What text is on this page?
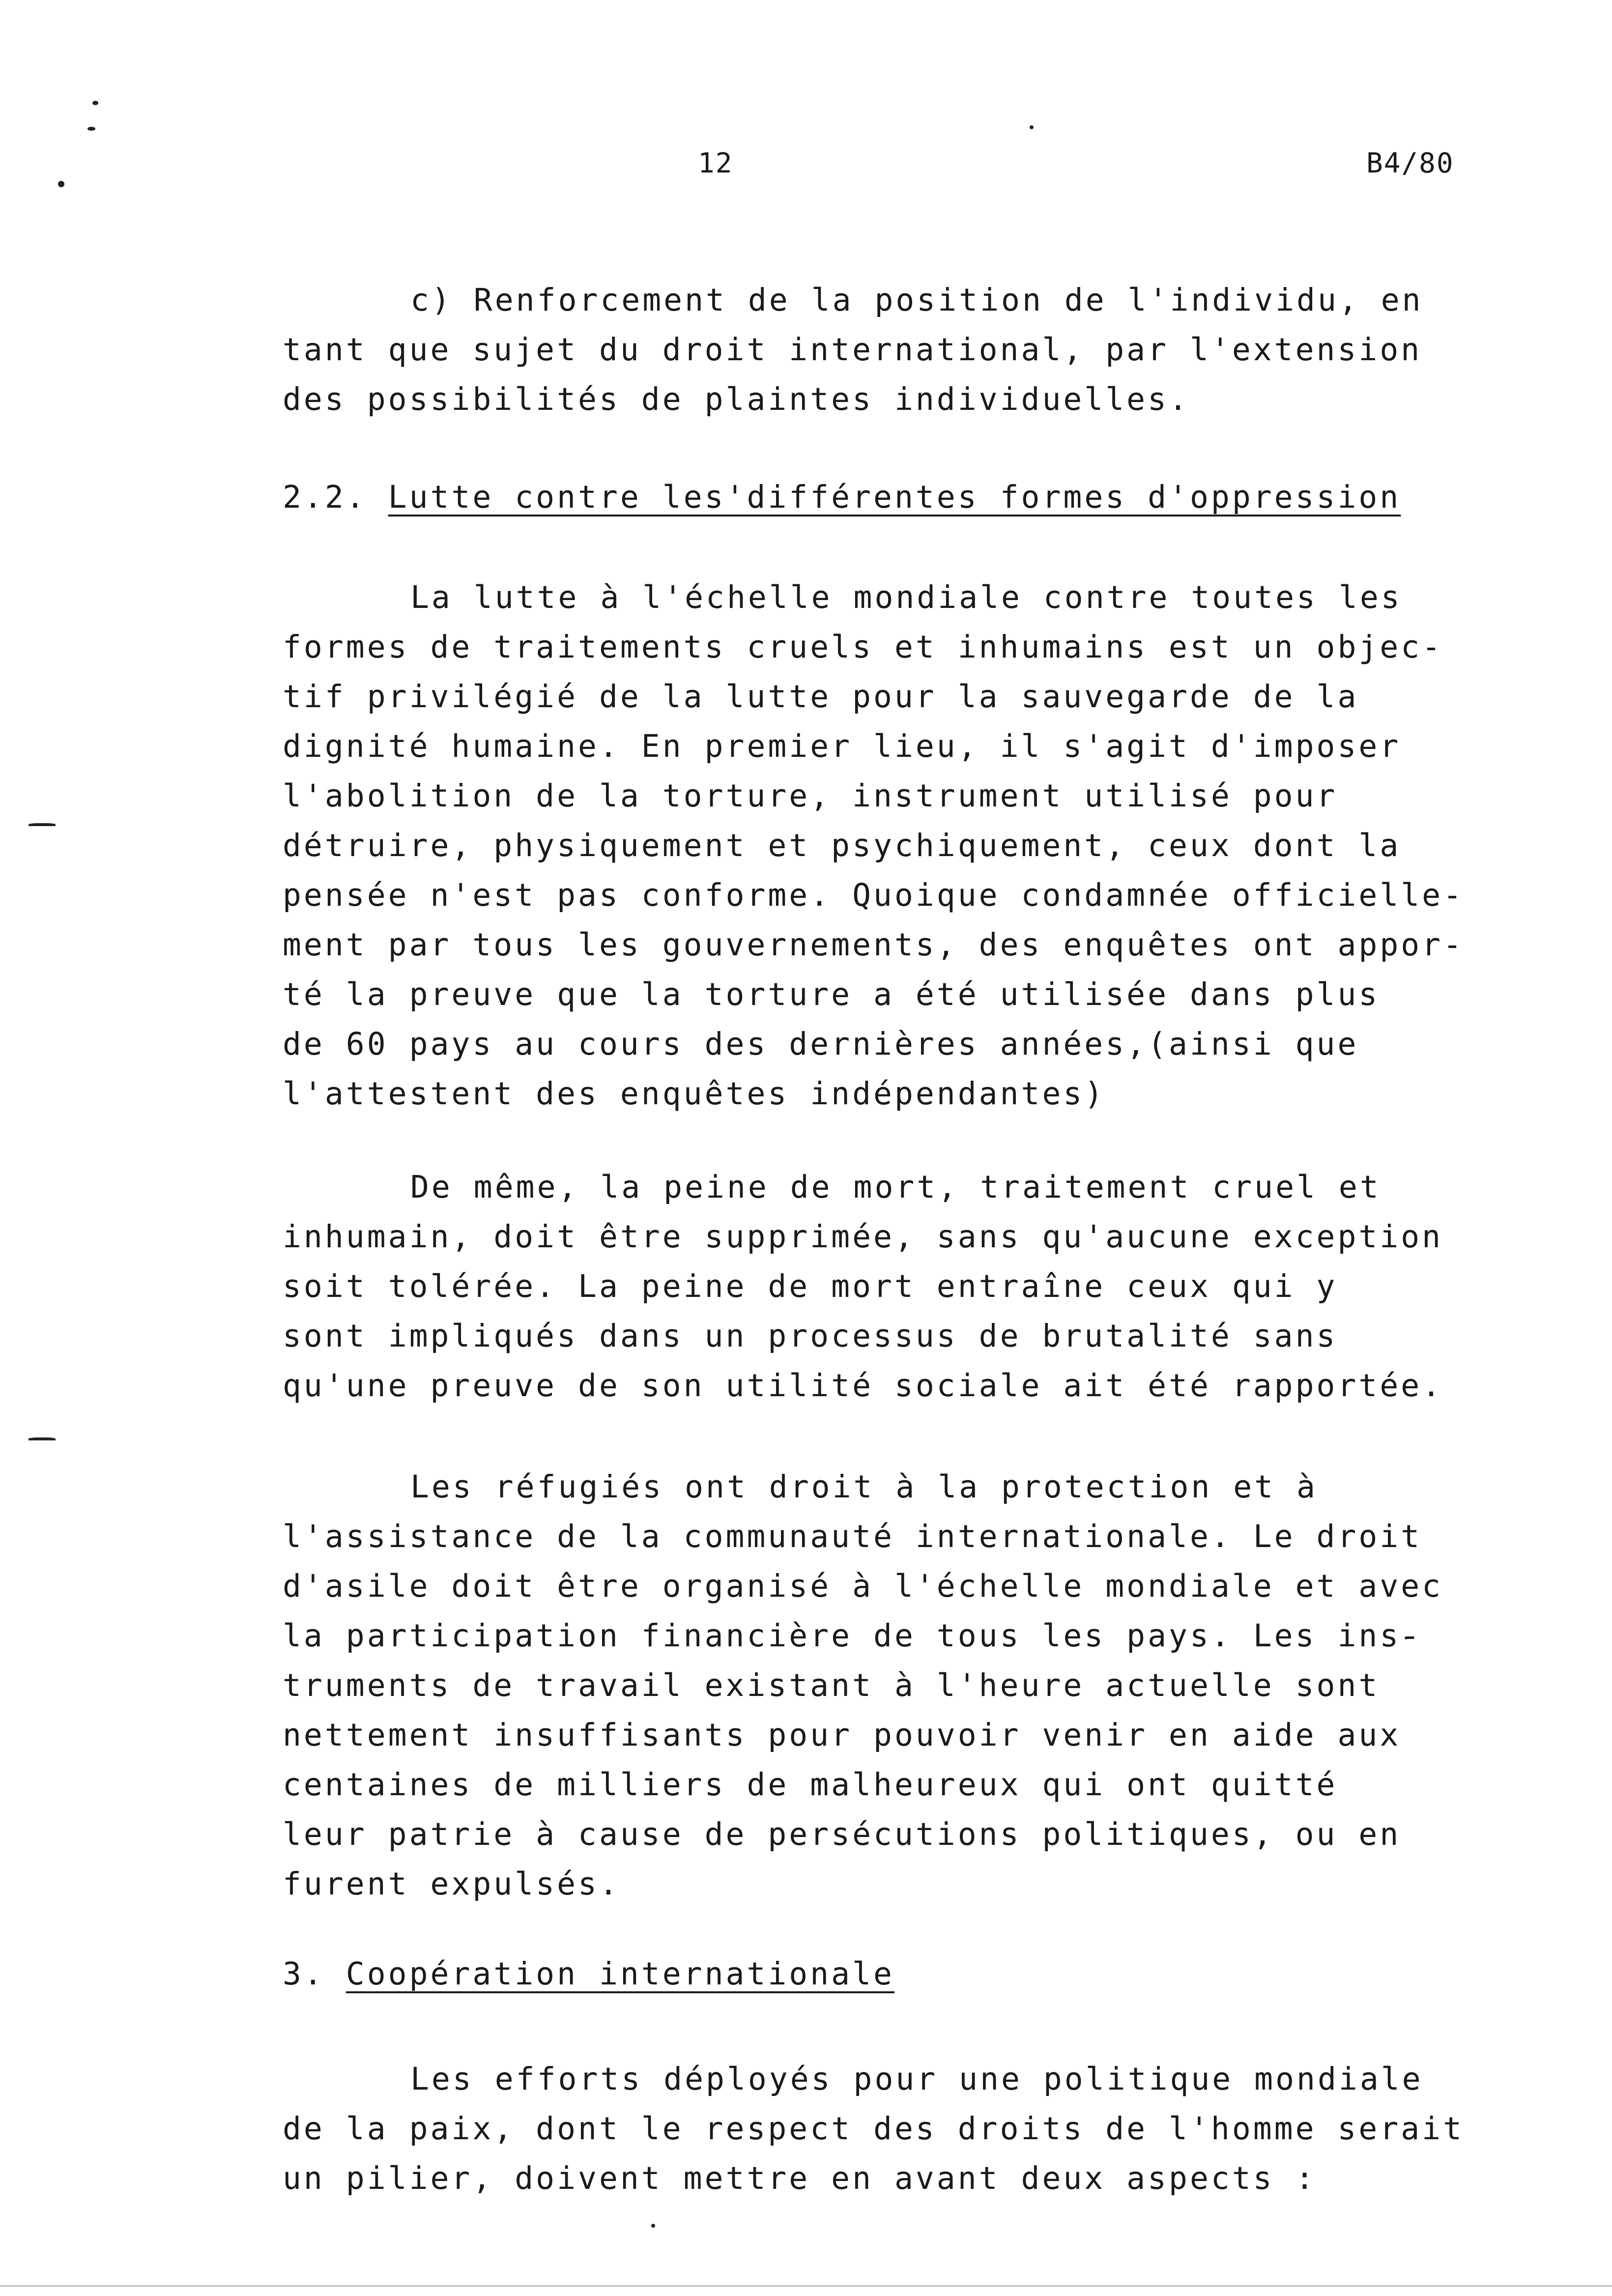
12	B4/80
c) Renforcement de la position de l'individu, en
tant que sujet du droit international, par l'extension
des possibilités de plaintes individuelles.
2.2. Lutte contre les'différentes formes d'oppression
La lutte à l'échelle mondiale contre toutes les
formes de traitements cruels et inhumains est un objec-
tif privilégié de la lutte pour la sauvegarde de la
dignité humaine. En premier lieu, il s'agit d'imposer
l'abolition de la torture, instrument utilisé pour
détruire, physiquement et psychiquement, ceux dont la
pensée n'est pas conforme. Quoique condamnée officielle-
ment par tous les gouvernements, des enquêtes ont appor-
té la preuve que la torture a été utilisée dans plus
de 60 pays au cours des dernières années,(ainsi que
l'attestent des enquêtes indépendantes)
De même, la peine de mort, traitement cruel et
inhumain, doit être supprimée, sans qu'aucune exception
soit tolérée. La peine de mort entraîne ceux qui y
sont impliqués dans un processus de brutalité sans
qu'une preuve de son utilité sociale ait été rapportée.
Les réfugiés ont droit à la protection et à
l'assistance de la communauté internationale. Le droit
d'asile doit être organisé à l'échelle mondiale et avec
la participation financière de tous les pays. Les ins-
truments de travail existant à l'heure actuelle sont
nettement insuffisants pour pouvoir venir en aide aux
centaines de milliers de malheureux qui ont quitté
leur patrie à cause de persécutions politiques, ou en
furent expulsés.
3. Coopération internationale
Les efforts déployés pour une politique mondiale
de la paix, dont le respect des droits de l'homme serait
un pilier, doivent mettre en avant deux aspects :
